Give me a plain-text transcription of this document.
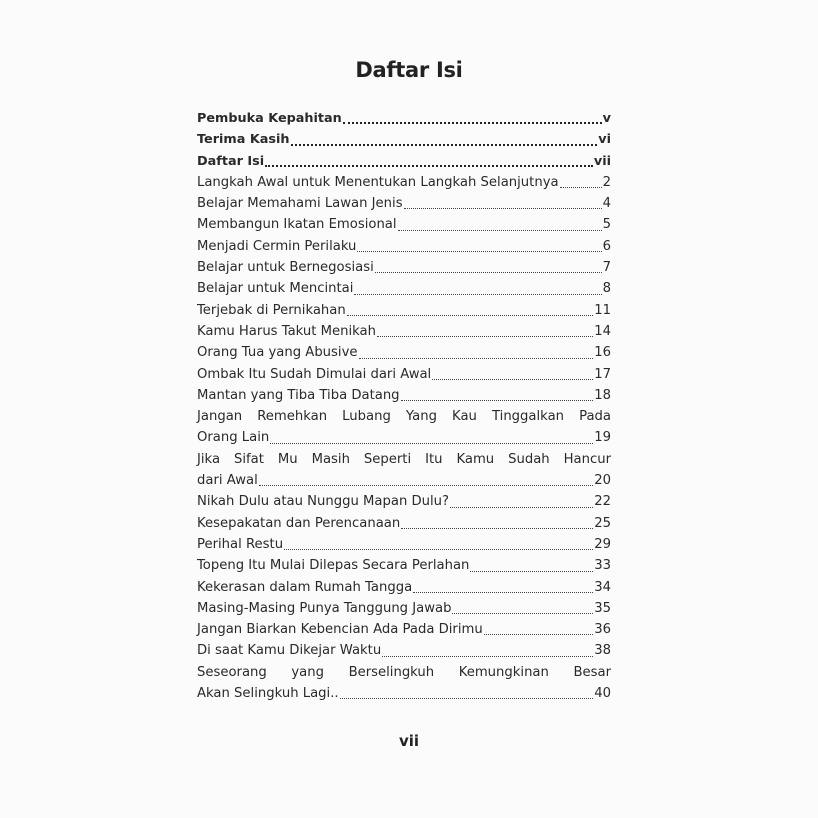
Daftar Isi
Pembuka Kepahitan	v
Terima Kasih	vi
Daftar Isi	vii
Langkah Awal untuk Menentukan Langkah Selanjutnya	2
Belajar Memahami Lawan Jenis	4
Membangun Ikatan Emosional	5
Menjadi Cermin Perilaku	6
Belajar untuk Bernegosiasi	7
Belajar untuk Mencintai	8
Terjebak di Pernikahan	11
Kamu Harus Takut Menikah	14
Orang Tua yang Abusive	16
Ombak Itu Sudah Dimulai dari Awal	17
Mantan yang Tiba Tiba Datang	18
Jangan Remehkan Lubang Yang Kau Tinggalkan Pada
Orang Lain	19
Jika Sifat Mu Masih Seperti Itu Kamu Sudah Hancur
dari Awal	20
Nikah Dulu atau Nunggu Mapan Dulu?	22
Kesepakatan dan Perencanaan	25
Perihal Restu	29
Topeng Itu Mulai Dilepas Secara Perlahan	33
Kekerasan dalam Rumah Tangga	34
Masing-Masing Punya Tanggung Jawab	35
Jangan Biarkan Kebencian Ada Pada Dirimu	36
Di saat Kamu Dikejar Waktu	38
Seseorang yang Berselingkuh Kemungkinan Besar
Akan Selingkuh Lagi..	40
vii
